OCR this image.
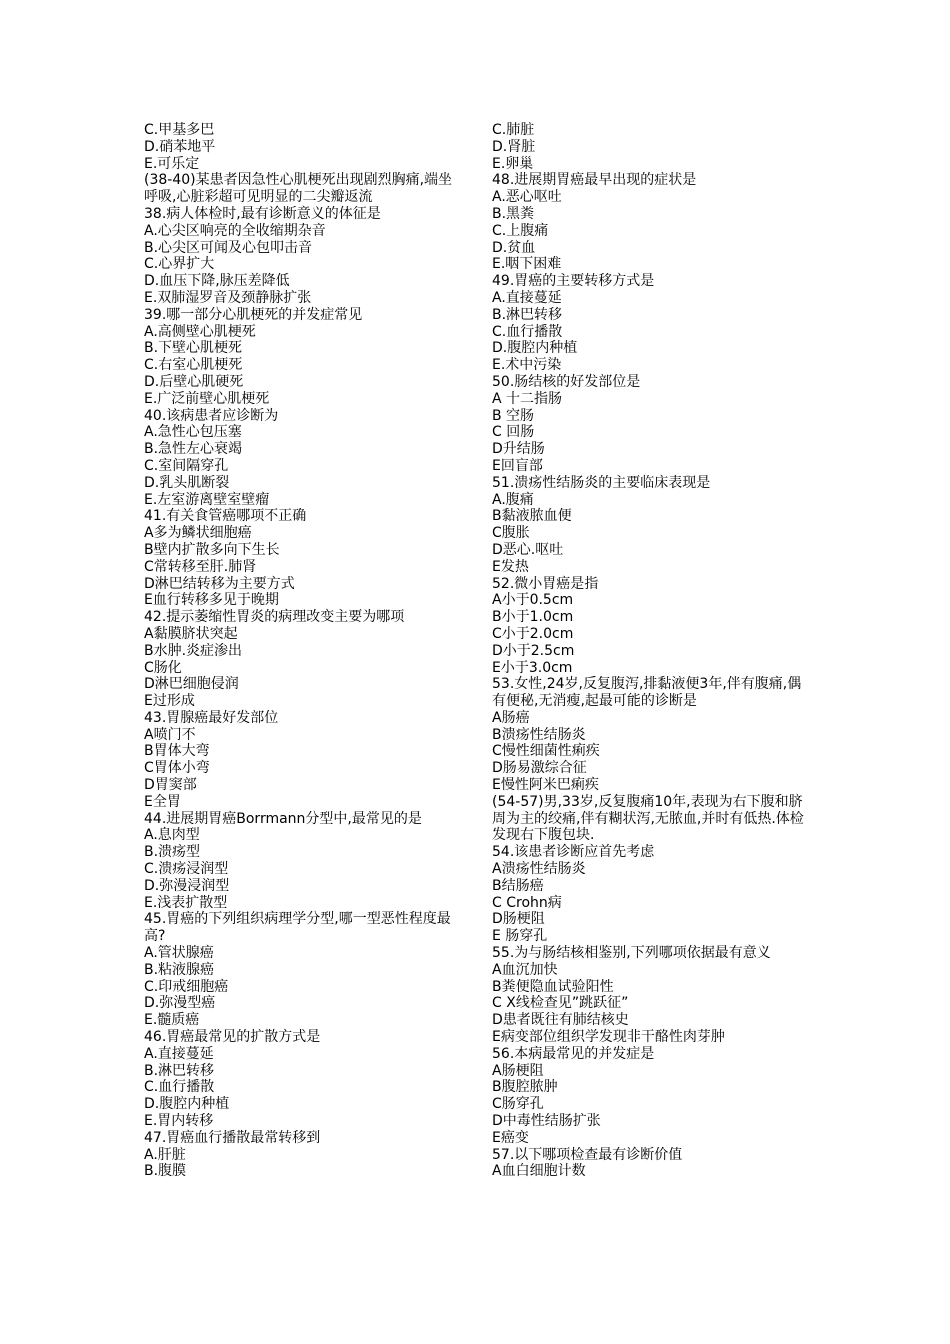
C.甲基多巴
D.硝苯地平
E.可乐定
(38-40)某患者因急性心肌梗死出现剧烈胸痛,端坐呼吸,心脏彩超可见明显的二尖瓣返流
38.病人体检时,最有诊断意义的体征是
A.心尖区响亮的全收缩期杂音
B.心尖区可闻及心包叩击音
C.心界扩大
D.血压下降,脉压差降低
E.双肺湿罗音及颈静脉扩张
39.哪一部分心肌梗死的并发症常见
A.高侧壁心肌梗死
B.下壁心肌梗死
C.右室心肌梗死
D.后壁心肌硬死
E.广泛前壁心肌梗死
40.该病患者应诊断为
A.急性心包压塞
B.急性左心衰竭
C.室间隔穿孔
D.乳头肌断裂
E.左室游离壁室壁瘤
41.有关食管癌哪项不正确
A多为鳞状细胞癌
B壁内扩散多向下生长
C常转移至肝.肺肾
D淋巴结转移为主要方式
E血行转移多见于晚期
42.提示萎缩性胃炎的病理改变主要为哪项
A黏膜脐状突起
B水肿.炎症渗出
C肠化
D淋巴细胞侵润
E过形成
43.胃腺癌最好发部位
A喷门不
B胃体大弯
C胃体小弯
D胃窦部
E全胃
44.进展期胃癌Borrmann分型中,最常见的是
A.息肉型
B.溃疡型
C.溃疡浸润型
D.弥漫浸润型
E.浅表扩散型
45.胃癌的下列组织病理学分型,哪一型恶性程度最高?
A.管状腺癌
B.粘液腺癌
C.印戒细胞癌
D.弥漫型癌
E.髓质癌
46.胃癌最常见的扩散方式是
A.直接蔓延
B.淋巴转移
C.血行播散
D.腹腔内种植
E.胃内转移
47.胃癌血行播散最常转移到
A.肝脏
B.腹膜
C.肺脏
D.肾脏
E.卵巢
48.进展期胃癌最早出现的症状是
A.恶心呕吐
B.黑粪
C.上腹痛
D.贫血
E.咽下困难
49.胃癌的主要转移方式是
A.直接蔓延
B.淋巴转移
C.血行播散
D.腹腔内种植
E.术中污染
50.肠结核的好发部位是
A 十二指肠
B 空肠
C 回肠
D升结肠
E回盲部
51.溃疡性结肠炎的主要临床表现是
A.腹痛
B黏液脓血便
C腹胀
D恶心.呕吐
E发热
52.微小胃癌是指
A小于0.5cm
B小于1.0cm
C小于2.0cm
D小于2.5cm
E小于3.0cm
53.女性,24岁,反复腹泻,排黏液便3年,伴有腹痛,偶有便秘,无消瘦,起最可能的诊断是
A肠癌
B溃疡性结肠炎
C慢性细菌性痢疾
D肠易激综合征
E慢性阿米巴痢疾
(54-57)男,33岁,反复腹痛10年,表现为右下腹和脐周为主的绞痛,伴有糊状泻,无脓血,并时有低热.体检发现右下腹包块.
54.该患者诊断应首先考虑
A溃疡性结肠炎
B结肠癌
C Crohn病
D肠梗阻
E 肠穿孔
55.为与肠结核相鉴别,下列哪项依据最有意义
A血沉加快
B粪便隐血试验阳性
C X线检查见”跳跃征”
D患者既往有肺结核史
E病变部位组织学发现非干酪性肉芽肿
56.本病最常见的并发症是
A肠梗阻
B腹腔脓肿
C肠穿孔
D中毒性结肠扩张
E癌变
57.以下哪项检查最有诊断价值
A血白细胞计数
